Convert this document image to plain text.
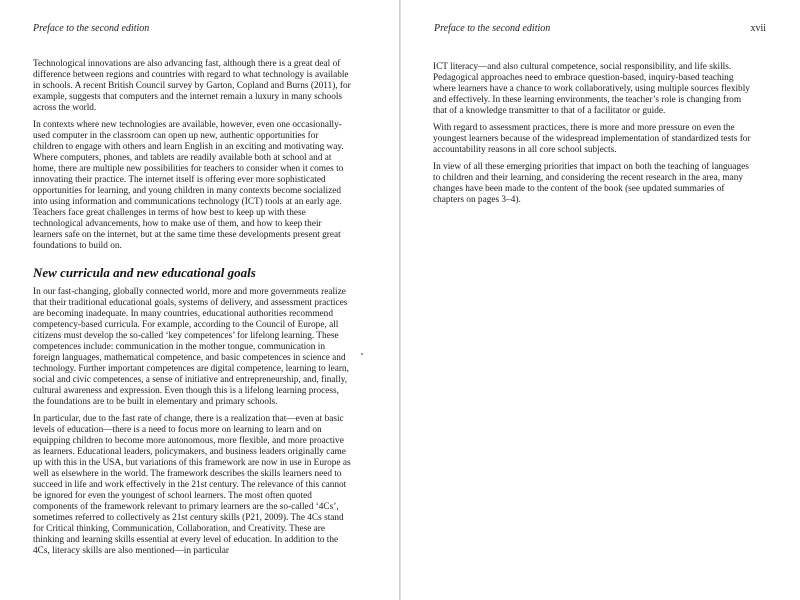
Preface to the second edition

Technological innovations are also advancing fast, although there is a great deal of difference between regions and countries with regard to what technology is available in schools. A recent British Council survey by Garton, Copland and Burns (2011), for example, suggests that computers and the internet remain a luxury in many schools across the world.

In contexts where new technologies are available, however, even one occasionally-used computer in the classroom can open up new, authentic opportunities for children to engage with others and learn English in an exciting and motivating way. Where computers, phones, and tablets are readily available both at school and at home, there are multiple new possibilities for teachers to consider when it comes to innovating their practice. The internet itself is offering ever more sophisticated opportunities for learning, and young children in many contexts become socialized into using information and communications technology (ICT) tools at an early age. Teachers face great challenges in terms of how best to keep up with these technological advancements, how to make use of them, and how to keep their learners safe on the internet, but at the same time these developments present great foundations to build on.

New curricula and new educational goals

In our fast-changing, globally connected world, more and more governments realize that their traditional educational goals, systems of delivery, and assessment practices are becoming inadequate. In many countries, educational authorities recommend competency-based curricula. For example, according to the Council of Europe, all citizens must develop the so-called ‘key competences’ for lifelong learning. These competences include: communication in the mother tongue, communication in foreign languages, mathematical competence, and basic competences in science and technology. Further important competences are digital competence, learning to learn, social and civic competences, a sense of initiative and entrepreneurship, and, finally, cultural awareness and expression. Even though this is a lifelong learning process, the foundations are to be built in elementary and primary schools.

In particular, due to the fast rate of change, there is a realization that—even at basic levels of education—there is a need to focus more on learning to learn and on equipping children to become more autonomous, more flexible, and more proactive as learners. Educational leaders, policymakers, and business leaders originally came up with this in the USA, but variations of this framework are now in use in Europe as well as elsewhere in the world. The framework describes the skills learners need to succeed in life and work effectively in the 21st century. The relevance of this cannot be ignored for even the youngest of school learners. The most often quoted components of the framework relevant to primary learners are the so-called ‘4Cs’, sometimes referred to collectively as 21st century skills (P21, 2009). The 4Cs stand for Critical thinking, Communication, Collaboration, and Creativity. These are thinking and learning skills essential at every level of education. In addition to the 4Cs, literacy skills are also mentioned—in particular

Preface to the second edition	xvii

ICT literacy—and also cultural competence, social responsibility, and life skills. Pedagogical approaches need to embrace question-based, inquiry-based teaching where learners have a chance to work collaboratively, using multiple sources flexibly and effectively. In these learning environments, the teacher’s role is changing from that of a knowledge transmitter to that of a facilitator or guide.

With regard to assessment practices, there is more and more pressure on even the youngest learners because of the widespread implementation of standardized tests for accountability reasons in all core school subjects.

In view of all these emerging priorities that impact on both the teaching of languages to children and their learning, and considering the recent research in the area, many changes have been made to the content of the book (see updated summaries of chapters on pages 3–4).
